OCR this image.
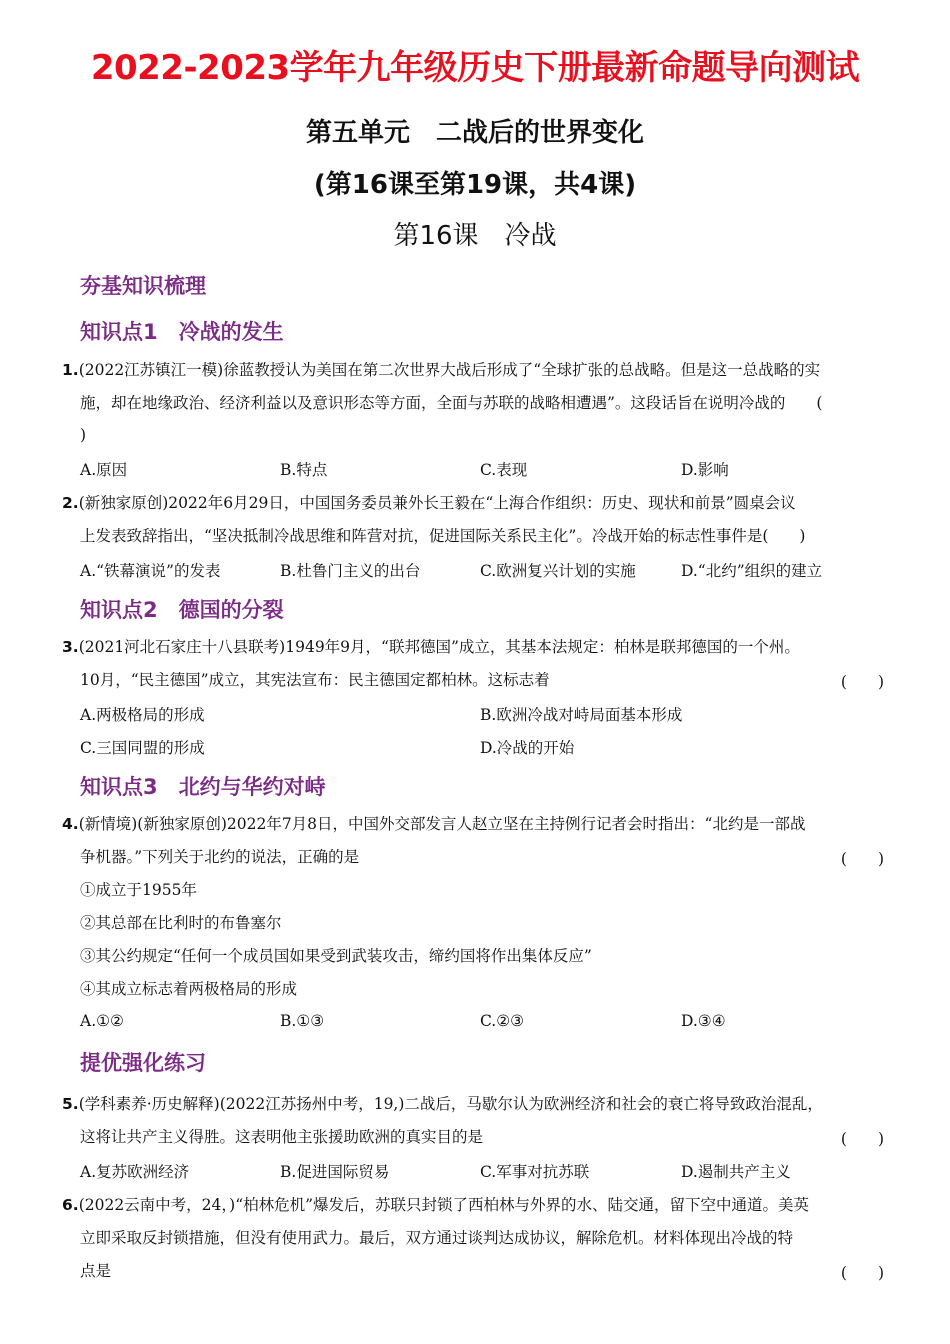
2022-2023学年九年级历史下册最新命题导向测试
第五单元　二战后的世界变化
(第16课至第19课，共4课)
第16课　冷战
夯基知识梳理
知识点1　冷战的发生
1.(2022江苏镇江一模)徐蓝教授认为美国在第二次世界大战后形成了“全球扩张的总战略。但是这一总战略的实
施，却在地缘政治、经济利益以及意识形态等方面，全面与苏联的战略相遭遇”。这段话旨在说明冷战的　　(
)
A.原因	B.特点	C.表现	D.影响
2.(新独家原创)2022年6月29日，中国国务委员兼外长王毅在“上海合作组织：历史、现状和前景”圆桌会议
上发表致辞指出，“坚决抵制冷战思维和阵营对抗，促进国际关系民主化”。冷战开始的标志性事件是(　　)
A.“铁幕演说”的发表	B.杜鲁门主义的出台	C.欧洲复兴计划的实施	D.“北约”组织的建立
知识点2　德国的分裂
3.(2021河北石家庄十八县联考)1949年9月，“联邦德国”成立，其基本法规定：柏林是联邦德国的一个州。
10月，“民主德国”成立，其宪法宣布：民主德国定都柏林。这标志着	(　　)
A.两极格局的形成	B.欧洲冷战对峙局面基本形成
C.三国同盟的形成	D.冷战的开始
知识点3　北约与华约对峙
4.(新情境)(新独家原创)2022年7月8日，中国外交部发言人赵立坚在主持例行记者会时指出：“北约是一部战
争机器。”下列关于北约的说法，正确的是	(　　)
①成立于1955年
②其总部在比利时的布鲁塞尔
③其公约规定“任何一个成员国如果受到武装攻击，缔约国将作出集体反应”
④其成立标志着两极格局的形成
A.①②	B.①③	C.②③	D.③④
提优强化练习
5.(学科素养·历史解释)(2022江苏扬州中考，19,)二战后，马歇尔认为欧洲经济和社会的衰亡将导致政治混乱，
这将让共产主义得胜。这表明他主张援助欧洲的真实目的是	(　　)
A.复苏欧洲经济	B.促进国际贸易	C.军事对抗苏联	D.遏制共产主义
6.(2022云南中考，24，)“柏林危机”爆发后，苏联只封锁了西柏林与外界的水、陆交通，留下空中通道。美英
立即采取反封锁措施，但没有使用武力。最后，双方通过谈判达成协议，解除危机。材料体现出冷战的特
点是	(　　)
